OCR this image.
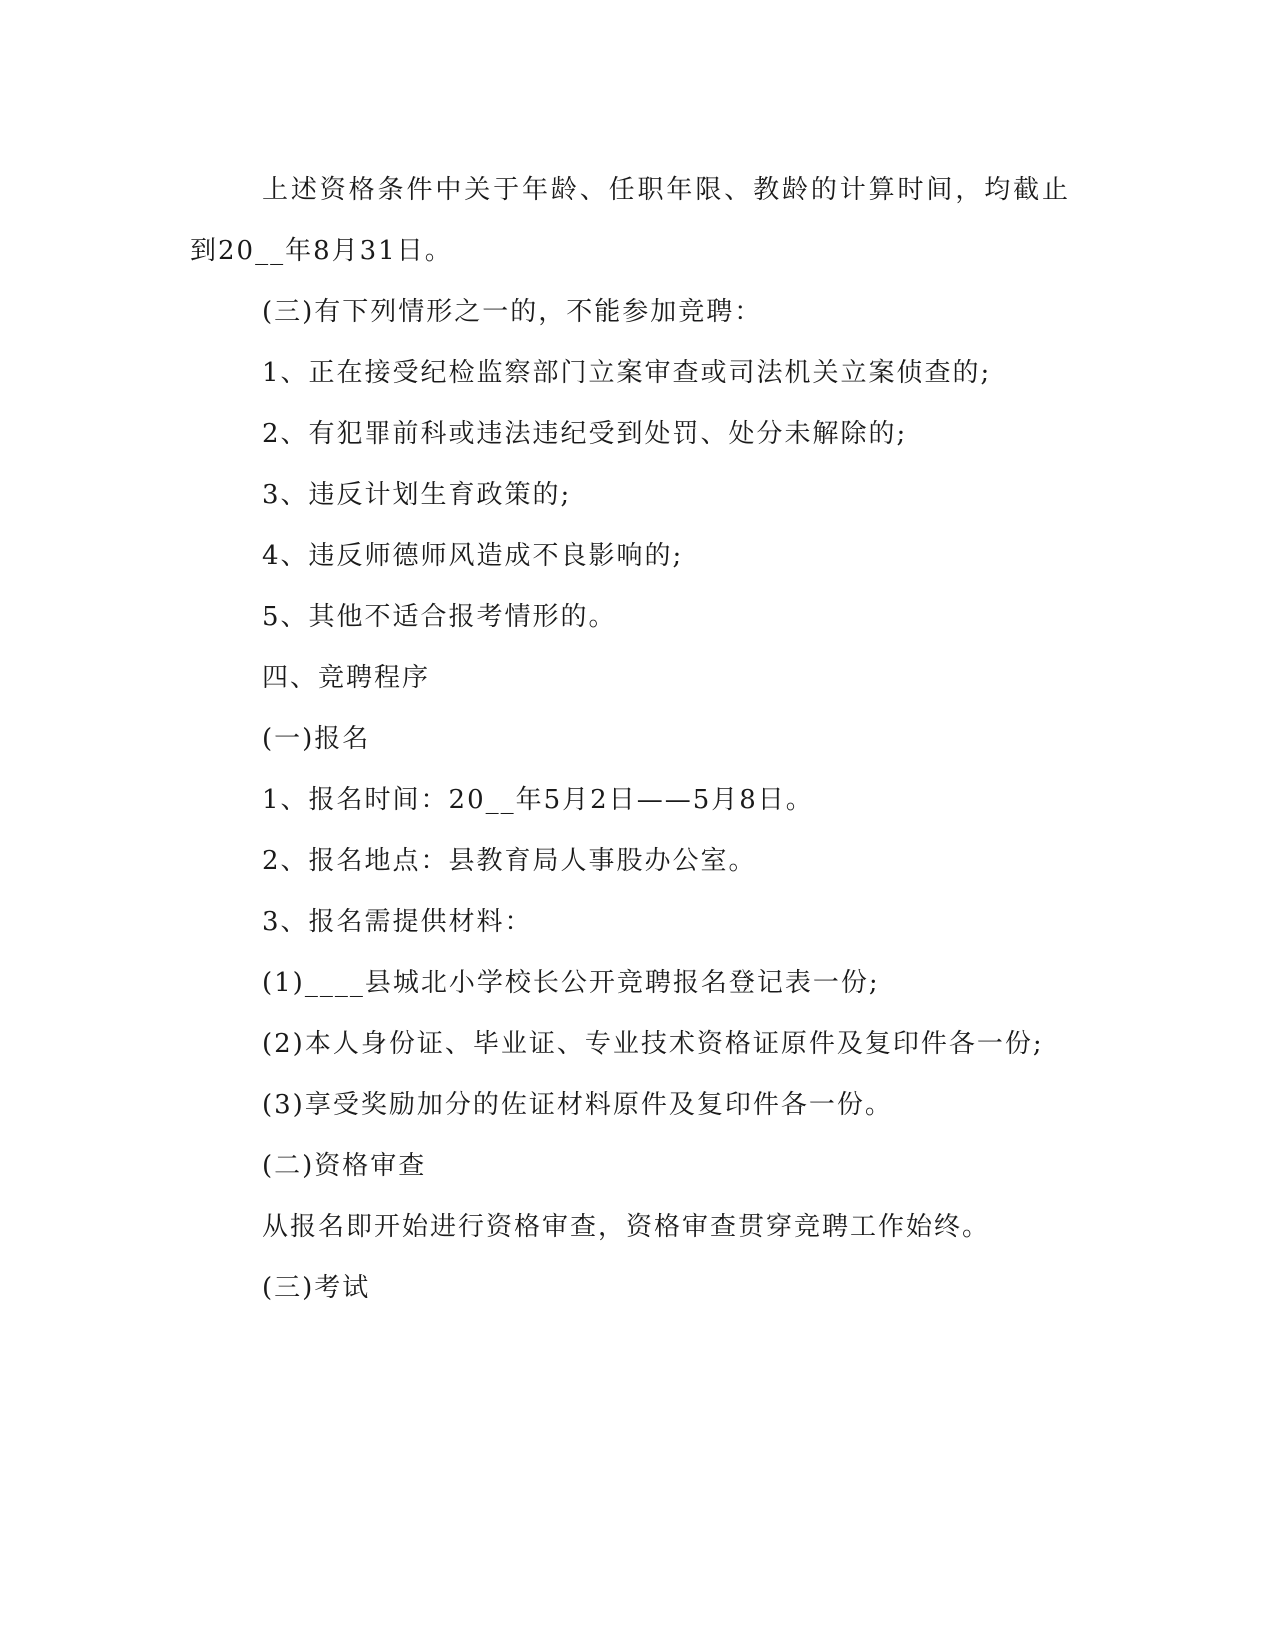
上述资格条件中关于年龄、任职年限、教龄的计算时间，均截止到20__年8月31日。

(三)有下列情形之一的，不能参加竞聘：

1、正在接受纪检监察部门立案审查或司法机关立案侦查的;

2、有犯罪前科或违法违纪受到处罚、处分未解除的;

3、违反计划生育政策的;

4、违反师德师风造成不良影响的;

5、其他不适合报考情形的。

四、竞聘程序

(一)报名

1、报名时间：20__年5月2日——5月8日。

2、报名地点：县教育局人事股办公室。

3、报名需提供材料：

(1)____县城北小学校长公开竞聘报名登记表一份;

(2)本人身份证、毕业证、专业技术资格证原件及复印件各一份;

(3)享受奖励加分的佐证材料原件及复印件各一份。

(二)资格审查

从报名即开始进行资格审查，资格审查贯穿竞聘工作始终。

(三)考试
